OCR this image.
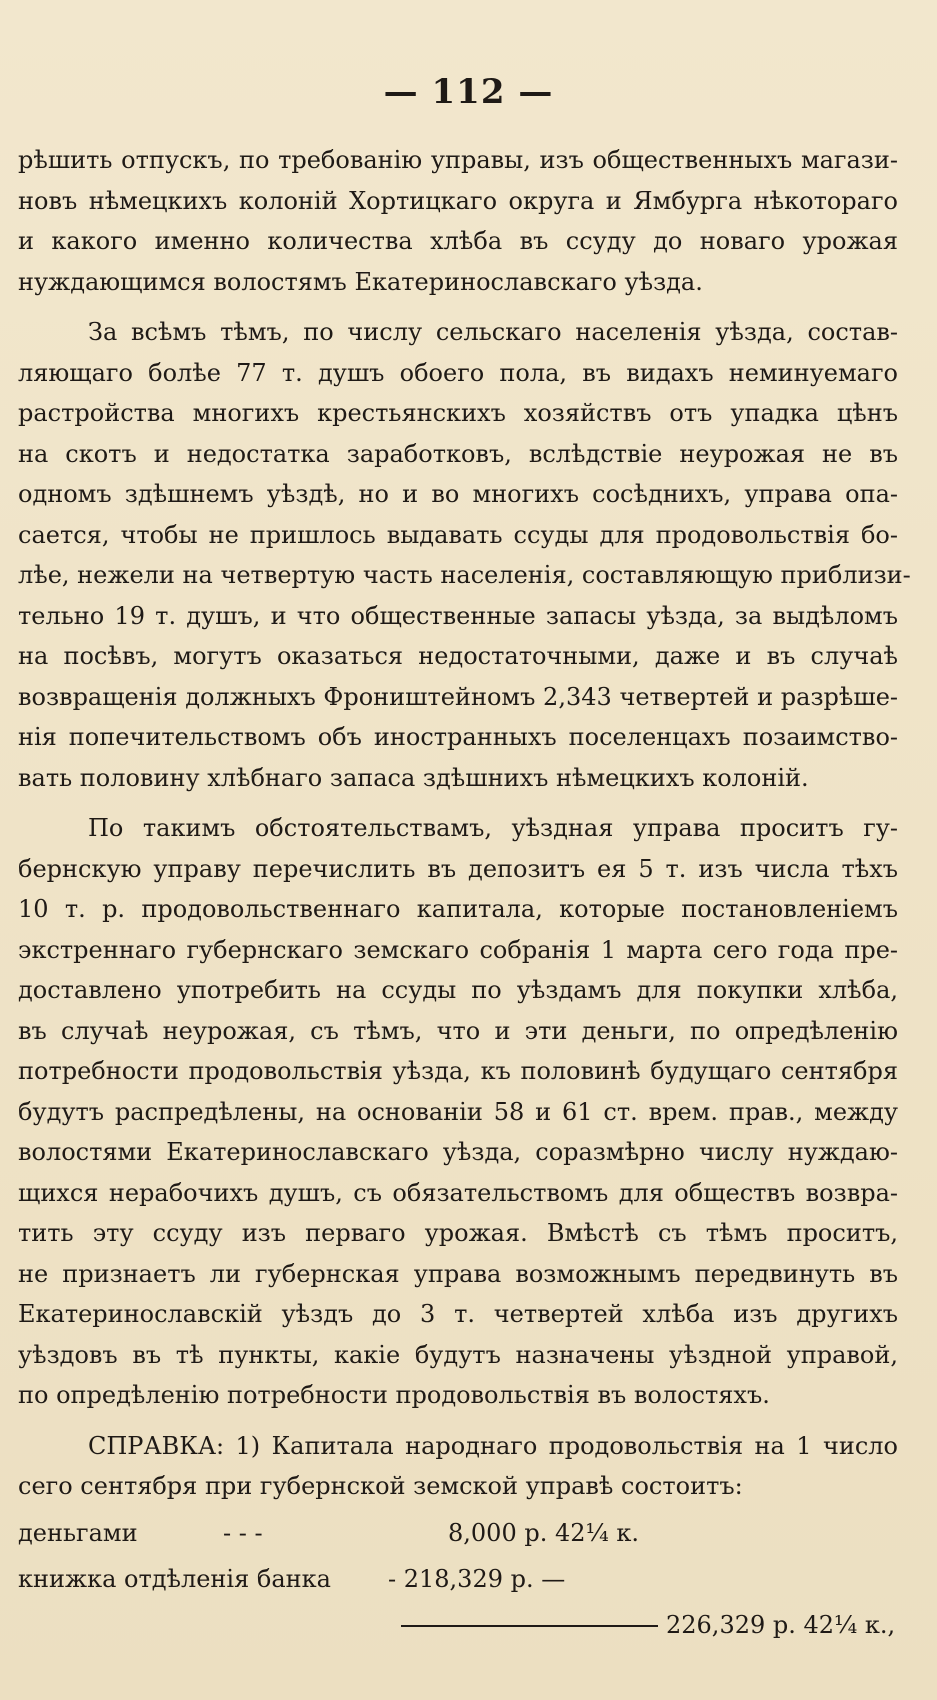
— 112 —
рѣшить отпускъ, по требованію управы, изъ общественныхъ магази-
новъ нѣмецкихъ колоній Хортицкаго округа и Ямбурга нѣкотораго
и какого именно количества хлѣба въ ссуду до новаго урожая
нуждающимся волостямъ Екатеринославскаго уѣзда.
За всѣмъ тѣмъ, по числу сельскаго населенія уѣзда, состав-
ляющаго болѣе 77 т. душъ обоего пола, въ видахъ неминуемаго
растройства многихъ крестьянскихъ хозяйствъ отъ упадка цѣнъ
на скотъ и недостатка заработковъ, вслѣдствіе неурожая не въ
одномъ здѣшнемъ уѣздѣ, но и во многихъ сосѣднихъ, управа опа-
сается, чтобы не пришлось выдавать ссуды для продовольствія бо-
лѣе, нежели на четвертую часть населенія, составляющую приблизи-
тельно 19 т. душъ, и что общественные запасы уѣзда, за выдѣломъ
на посѣвъ, могутъ оказаться недостаточными, даже и въ случаѣ
возвращенія должныхъ Фроништейномъ 2,343 четвертей и разрѣше-
нія попечительствомъ объ иностранныхъ поселенцахъ позаимство-
вать половину хлѣбнаго запаса здѣшнихъ нѣмецкихъ колоній.
По такимъ обстоятельствамъ, уѣздная управа проситъ гу-
бернскую управу перечислить въ депозитъ ея 5 т. изъ числа тѣхъ
10 т. р. продовольственнаго капитала, которые постановленіемъ
экстреннаго губернскаго земскаго собранія 1 марта сего года пре-
доставлено употребить на ссуды по уѣздамъ для покупки хлѣба,
въ случаѣ неурожая, съ тѣмъ, что и эти деньги, по опредѣленію
потребности продовольствія уѣзда, къ половинѣ будущаго сентября
будутъ распредѣлены, на основаніи 58 и 61 ст. врем. прав., между
волостями Екатеринославскаго уѣзда, соразмѣрно числу нуждаю-
щихся нерабочихъ душъ, съ обязательствомъ для обществъ возвра-
тить эту ссуду изъ перваго урожая. Вмѣстѣ съ тѣмъ проситъ,
не признаетъ ли губернская управа возможнымъ передвинуть въ
Екатеринославскій уѣздъ до 3 т. четвертей хлѣба изъ другихъ
уѣздовъ въ тѣ пункты, какіе будутъ назначены уѣздной управой,
по опредѣленію потребности продовольствія въ волостяхъ.
СПРАВКА: 1) Капитала народнаго продовольствія на 1 число
сего сентября при губернской земской управѣ состоитъ:
деньгами	- - -	8,000 р. 42¼ к.
книжка отдѣленія банка - 218,329 р. —
226,329 р. 42¼ к.,
